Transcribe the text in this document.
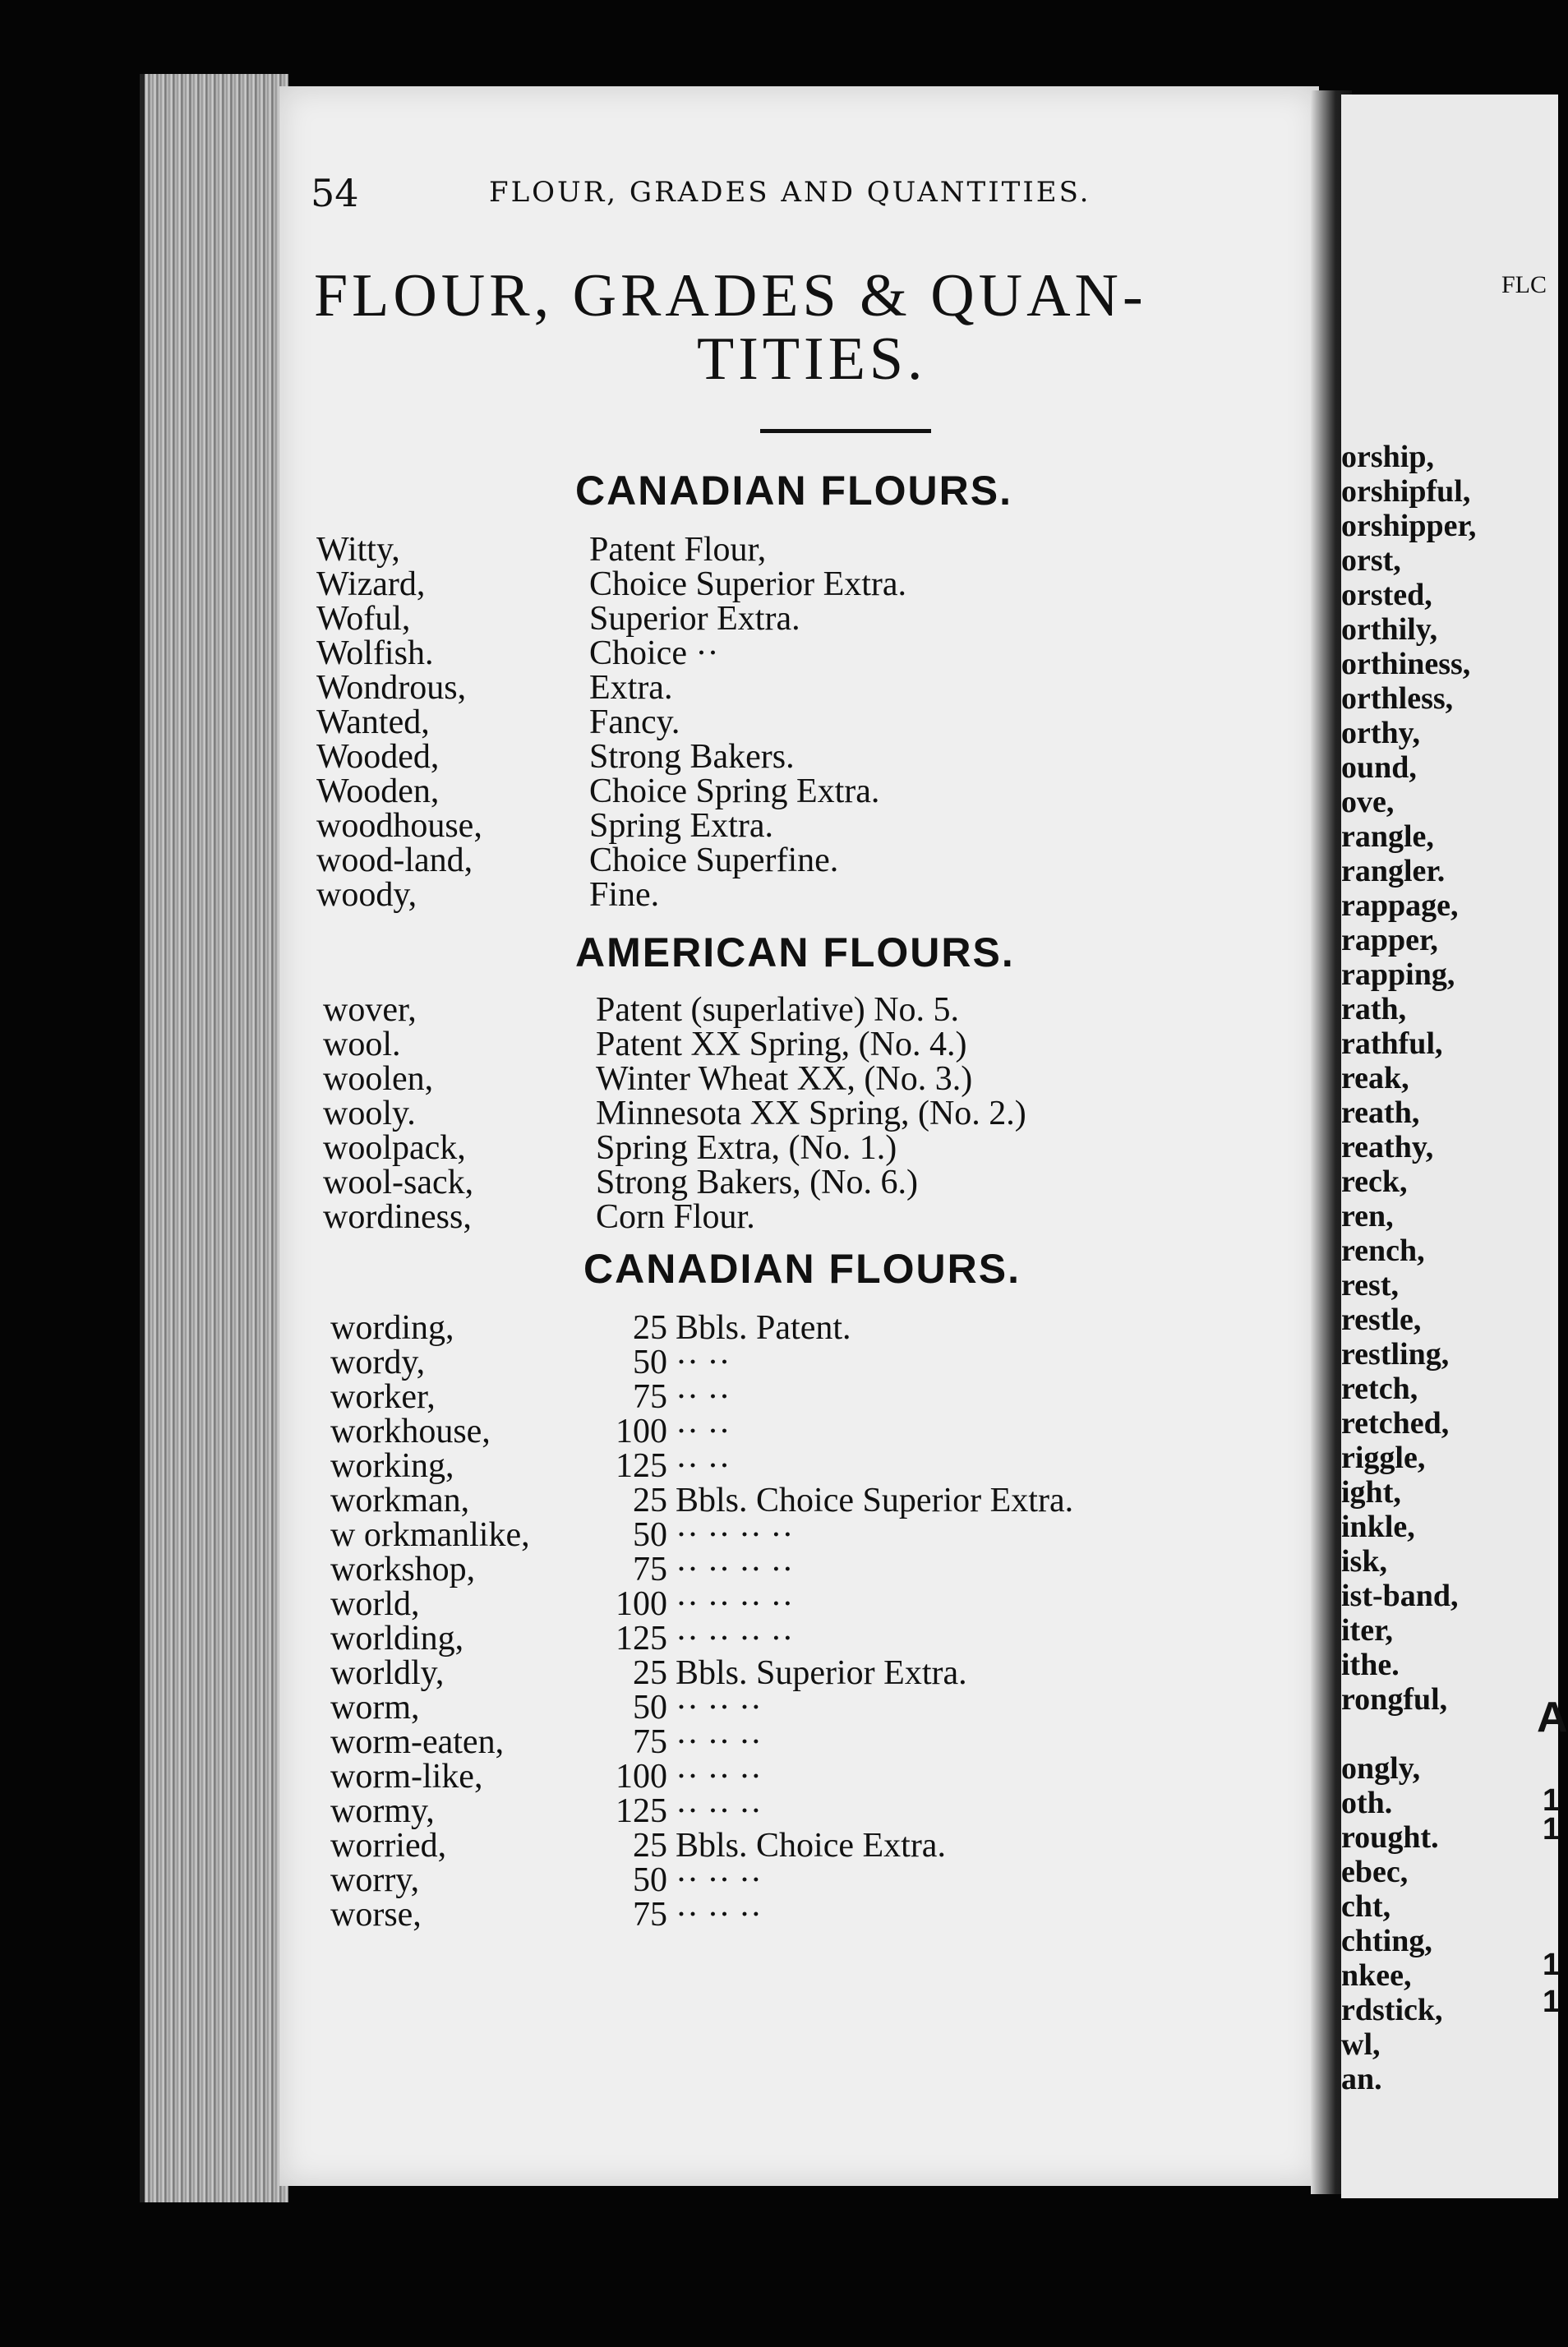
FLC
orship,
orshipful,
orshipper,
orst,
orsted,
orthily,
orthiness,
orthless,
orthy,
ound,
ove,
rangle,
rangler.
rappage,
rapper,
rapping,
rath,
rathful,
reak,
reath,
reathy,
reck,
ren,
rench,
rest,
restle,
restling,
retch,
retched,
riggle,
ight,
inkle,
isk,
ist-band,
iter,
ithe.
rongful,
ongly,
oth.
rought.
ebec,
cht,
chting,
nkee,
rdstick,
wl,
an.
A
1
1
1
1
54	FLOUR, GRADES AND QUANTITIES.
FLOUR, GRADES & QUAN-
TITIES.
CANADIAN FLOURS.
Witty,	Patent Flour,
Wizard,	Choice Superior Extra.
Woful,	Superior Extra.
Wolfish.	Choice ··
Wondrous,	Extra.
Wanted,	Fancy.
Wooded,	Strong Bakers.
Wooden,	Choice Spring Extra.
woodhouse,	Spring Extra.
wood-land,	Choice Superfine.
woody,	Fine.
AMERICAN FLOURS.
wover,	Patent (superlative) No. 5.
wool.	Patent XX Spring, (No. 4.)
woolen,	Winter Wheat XX, (No. 3.)
wooly.	Minnesota XX Spring, (No. 2.)
woolpack,	Spring Extra, (No. 1.)
wool-sack,	Strong Bakers, (No. 6.)
wordiness,	Corn Flour.
CANADIAN FLOURS.
wording,	25 Bbls. Patent.
wordy,	50 ·· ··
worker,	75 ·· ··
workhouse,	100 ·· ··
working,	125 ·· ··
workman,	25 Bbls. Choice Superior Extra.
w orkmanlike,	50 ·· ·· ·· ··
workshop,	75 ·· ·· ·· ··
world,	100 ·· ·· ·· ··
worlding,	125 ·· ·· ·· ··
worldly,	25 Bbls. Superior Extra.
worm,	50 ·· ·· ··
worm-eaten,	75 ·· ·· ··
worm-like,	100 ·· ·· ··
wormy,	125 ·· ·· ··
worried,	25 Bbls. Choice Extra.
worry,	50 ·· ·· ··
worse,	75 ·· ·· ··
